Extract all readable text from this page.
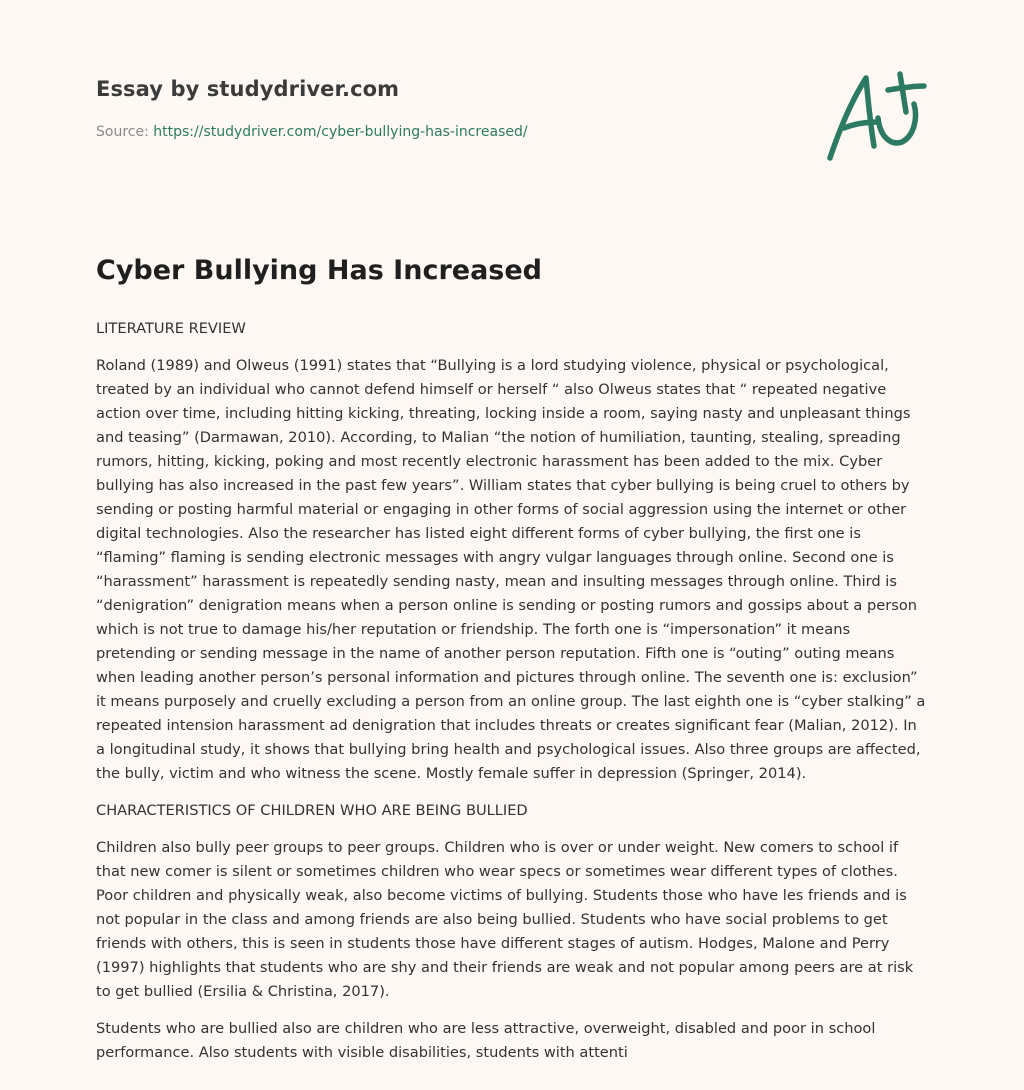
Essay by studydriver.com
Source: https://studydriver.com/cyber-bullying-has-increased/
Cyber Bullying Has Increased

LITERATURE REVIEW

Roland (1989) and Olweus (1991) states that “Bullying is a lord studying violence, physical or psychological, treated by an individual who cannot defend himself or herself “ also Olweus states that “ repeated negative action over time, including hitting kicking, threating, locking inside a room, saying nasty and unpleasant things and teasing” (Darmawan, 2010). According, to Malian “the notion of humiliation, taunting, stealing, spreading rumors, hitting, kicking, poking and most recently electronic harassment has been added to the mix. Cyber bullying has also increased in the past few years”. William states that cyber bullying is being cruel to others by sending or posting harmful material or engaging in other forms of social aggression using the internet or other digital technologies. Also the researcher has listed eight different forms of cyber bullying, the first one is “flaming” flaming is sending electronic messages with angry vulgar languages through online. Second one is “harassment” harassment is repeatedly sending nasty, mean and insulting messages through online. Third is “denigration” denigration means when a person online is sending or posting rumors and gossips about a person which is not true to damage his/her reputation or friendship. The forth one is “impersonation” it means pretending or sending message in the name of another person reputation. Fifth one is “outing” outing means when leading another person’s personal information and pictures through online. The seventh one is: exclusion” it means purposely and cruelly excluding a person from an online group. The last eighth one is “cyber stalking” a repeated intension harassment ad denigration that includes threats or creates significant fear (Malian, 2012). In a longitudinal study, it shows that bullying bring health and psychological issues. Also three groups are affected, the bully, victim and who witness the scene. Mostly female suffer in depression (Springer, 2014).

CHARACTERISTICS OF CHILDREN WHO ARE BEING BULLIED

Children also bully peer groups to peer groups. Children who is over or under weight. New comers to school if that new comer is silent or sometimes children who wear specs or sometimes wear different types of clothes. Poor children and physically weak, also become victims of bullying. Students those who have les friends and is not popular in the class and among friends are also being bullied. Students who have social problems to get friends with others, this is seen in students those have different stages of autism. Hodges, Malone and Perry (1997) highlights that students who are shy and their friends are weak and not popular among peers are at risk to get bullied (Ersilia & Christina, 2017).

Students who are bullied also are children who are less attractive, overweight, disabled and poor in school performance. Also students with visible disabilities, students with attenti
